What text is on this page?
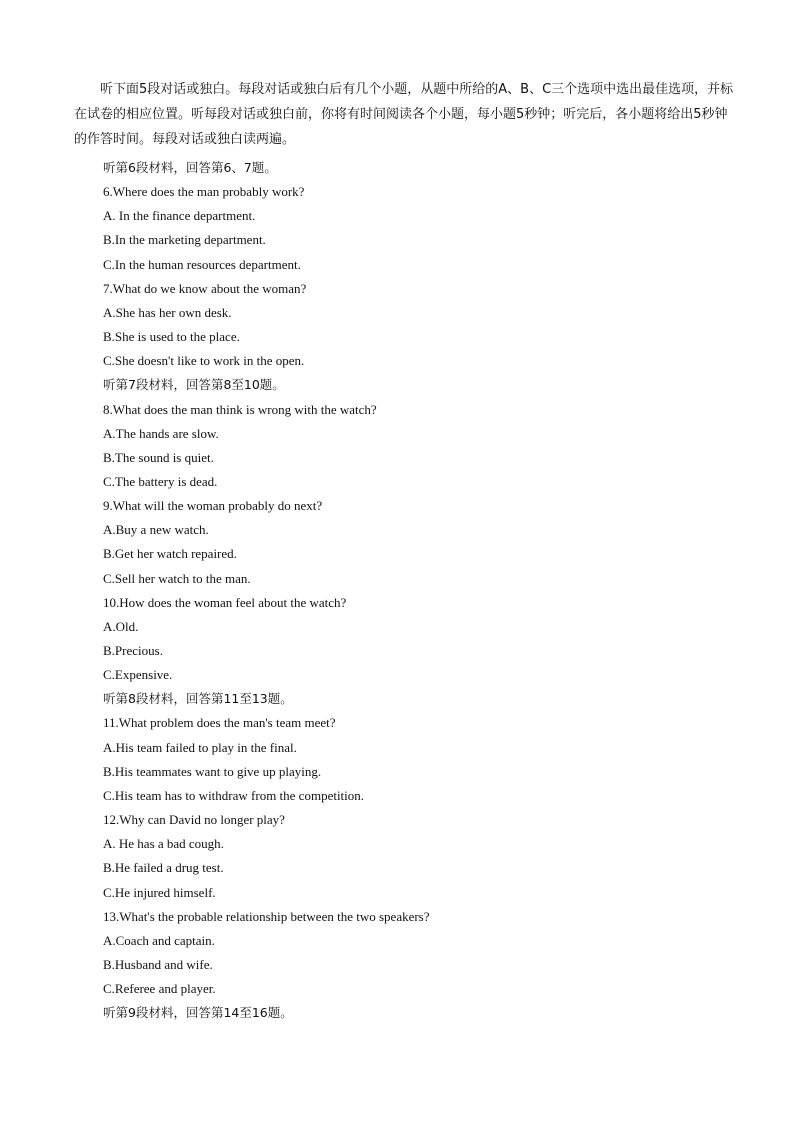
听下面5段对话或独白。每段对话或独白后有几个小题，从题中所给的A、B、C三个选项中选出最佳选项，并标在试卷的相应位置。听每段对话或独白前，你将有时间阅读各个小题，每小题5秒钟；听完后，各小题将给出5秒钟的作答时间。每段对话或独白读两遍。
听第6段材料，回答第6、7题。
6.Where does the man probably work?
A. In the finance department.
B.In the marketing department.
C.In the human resources department.
7.What do we know about the woman?
A.She has her own desk.
B.She is used to the place.
C.She doesn't like to work in the open.
听第7段材料，回答第8至10题。
8.What does the man think is wrong with the watch?
A.The hands are slow.
B.The sound is quiet.
C.The battery is dead.
9.What will the woman probably do next?
A.Buy a new watch.
B.Get her watch repaired.
C.Sell her watch to the man.
10.How does the woman feel about the watch?
A.Old.
B.Precious.
C.Expensive.
听第8段材料，回答第11至13题。
11.What problem does the man's team meet?
A.His team failed to play in the final.
B.His teammates want to give up playing.
C.His team has to withdraw from the competition.
12.Why can David no longer play?
A. He has a bad cough.
B.He failed a drug test.
C.He injured himself.
13.What's the probable relationship between the two speakers?
A.Coach and captain.
B.Husband and wife.
C.Referee and player.
听第9段材料，回答第14至16题。
